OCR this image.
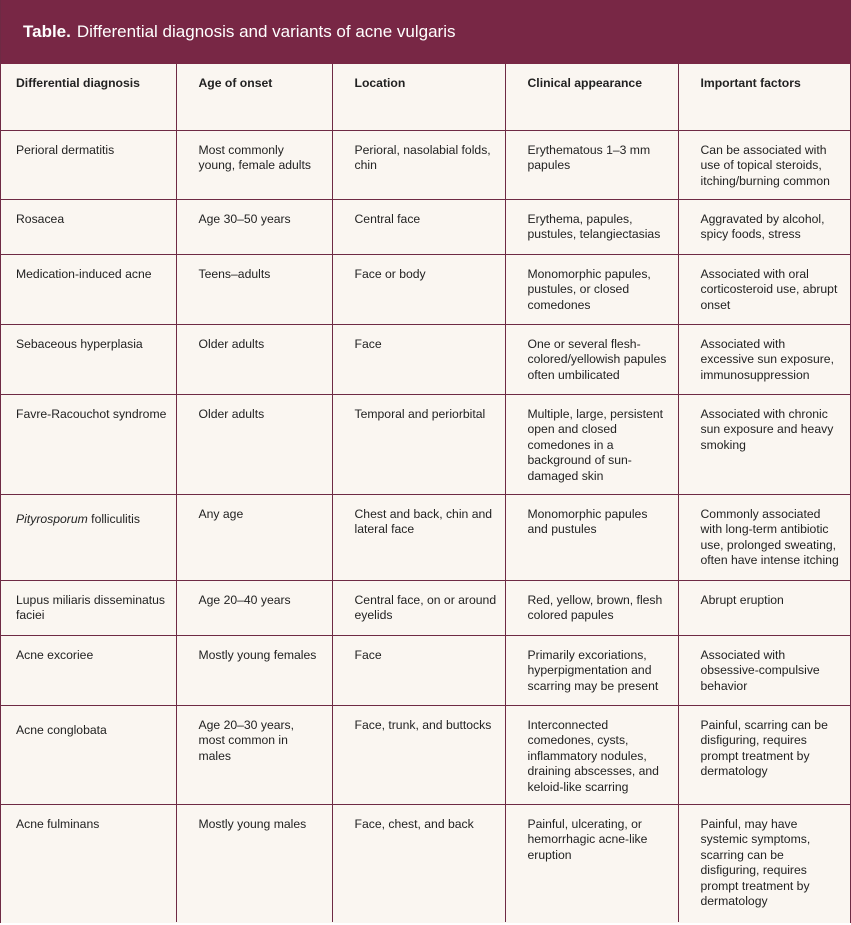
Table. Differential diagnosis and variants of acne vulgaris
Differential diagnosis	Age of onset	Location	Clinical appearance	Important factors
Perioral dermatitis	Most commonly young, female adults	Perioral, nasolabial folds, chin	Erythematous 1–3 mm papules	Can be associated with use of topical steroids, itching/burning common
Rosacea	Age 30–50 years	Central face	Erythema, papules, pustules, telangiectasias	Aggravated by alcohol, spicy foods, stress
Medication-induced acne	Teens–adults	Face or body	Monomorphic papules, pustules, or closed comedones	Associated with oral corticosteroid use, abrupt onset
Sebaceous hyperplasia	Older adults	Face	One or several flesh-colored/yellowish papules often umbilicated	Associated with excessive sun exposure, immunosuppression
Favre-Racouchot syndrome	Older adults	Temporal and periorbital	Multiple, large, persistent open and closed comedones in a background of sun-damaged skin	Associated with chronic sun exposure and heavy smoking
Pityrosporum folliculitis	Any age	Chest and back, chin and lateral face	Monomorphic papules and pustules	Commonly associated with long-term antibiotic use, prolonged sweating, often have intense itching
Lupus miliaris disseminatus faciei	Age 20–40 years	Central face, on or around eyelids	Red, yellow, brown, flesh colored papules	Abrupt eruption
Acne excoriee	Mostly young females	Face	Primarily excoriations, hyperpigmentation and scarring may be present	Associated with obsessive-compulsive behavior
Acne conglobata	Age 20–30 years, most common in males	Face, trunk, and buttocks	Interconnected comedones, cysts, inflammatory nodules, draining abscesses, and keloid-like scarring	Painful, scarring can be disfiguring, requires prompt treatment by dermatology
Acne fulminans	Mostly young males	Face, chest, and back	Painful, ulcerating, or hemorrhagic acne-like eruption	Painful, may have systemic symptoms, scarring can be disfiguring, requires prompt treatment by dermatology
